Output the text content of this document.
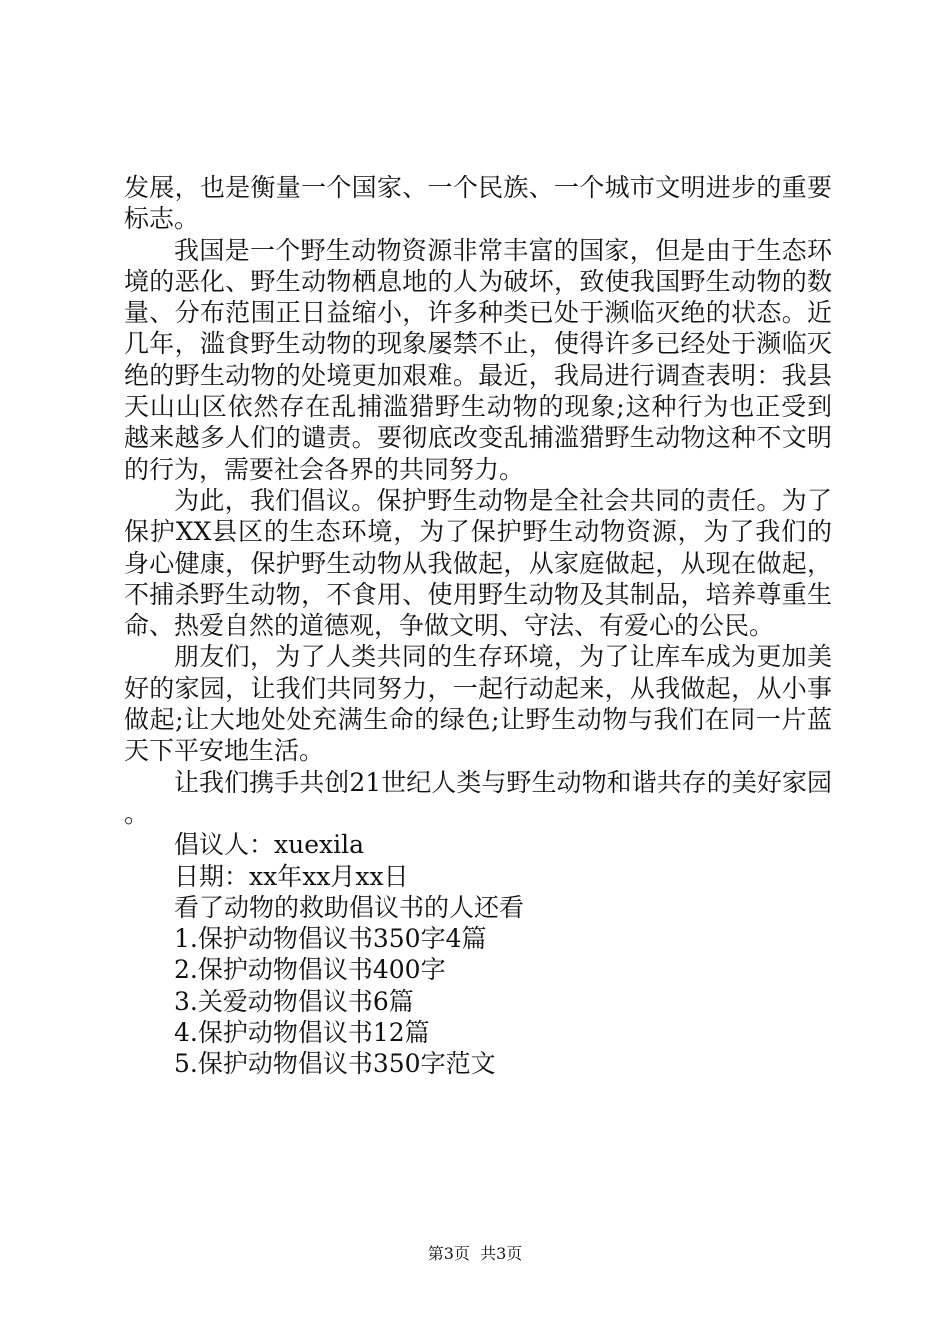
发展，也是衡量一个国家、一个民族、一个城市文明进步的重要标志。

我国是一个野生动物资源非常丰富的国家，但是由于生态环境的恶化、野生动物栖息地的人为破坏，致使我国野生动物的数量、分布范围正日益缩小，许多种类已处于濒临灭绝的状态。近几年，滥食野生动物的现象屡禁不止，使得许多已经处于濒临灭绝的野生动物的处境更加艰难。最近，我局进行调查表明：我县天山山区依然存在乱捕滥猎野生动物的现象;这种行为也正受到越来越多人们的谴责。要彻底改变乱捕滥猎野生动物这种不文明的行为，需要社会各界的共同努力。

为此，我们倡议。保护野生动物是全社会共同的责任。为了保护XX县区的生态环境，为了保护野生动物资源，为了我们的身心健康，保护野生动物从我做起，从家庭做起，从现在做起，不捕杀野生动物，不食用、使用野生动物及其制品，培养尊重生命、热爱自然的道德观，争做文明、守法、有爱心的公民。

朋友们，为了人类共同的生存环境，为了让库车成为更加美好的家园，让我们共同努力，一起行动起来，从我做起，从小事做起;让大地处处充满生命的绿色;让野生动物与我们在同一片蓝天下平安地生活。

让我们携手共创21世纪人类与野生动物和谐共存的美好家园。

倡议人：xuexila

日期：xx年xx月xx日

看了动物的救助倡议书的人还看

1.保护动物倡议书350字4篇

2.保护动物倡议书400字

3.关爱动物倡议书6篇

4.保护动物倡议书12篇

5.保护动物倡议书350字范文

第3页 共3页
